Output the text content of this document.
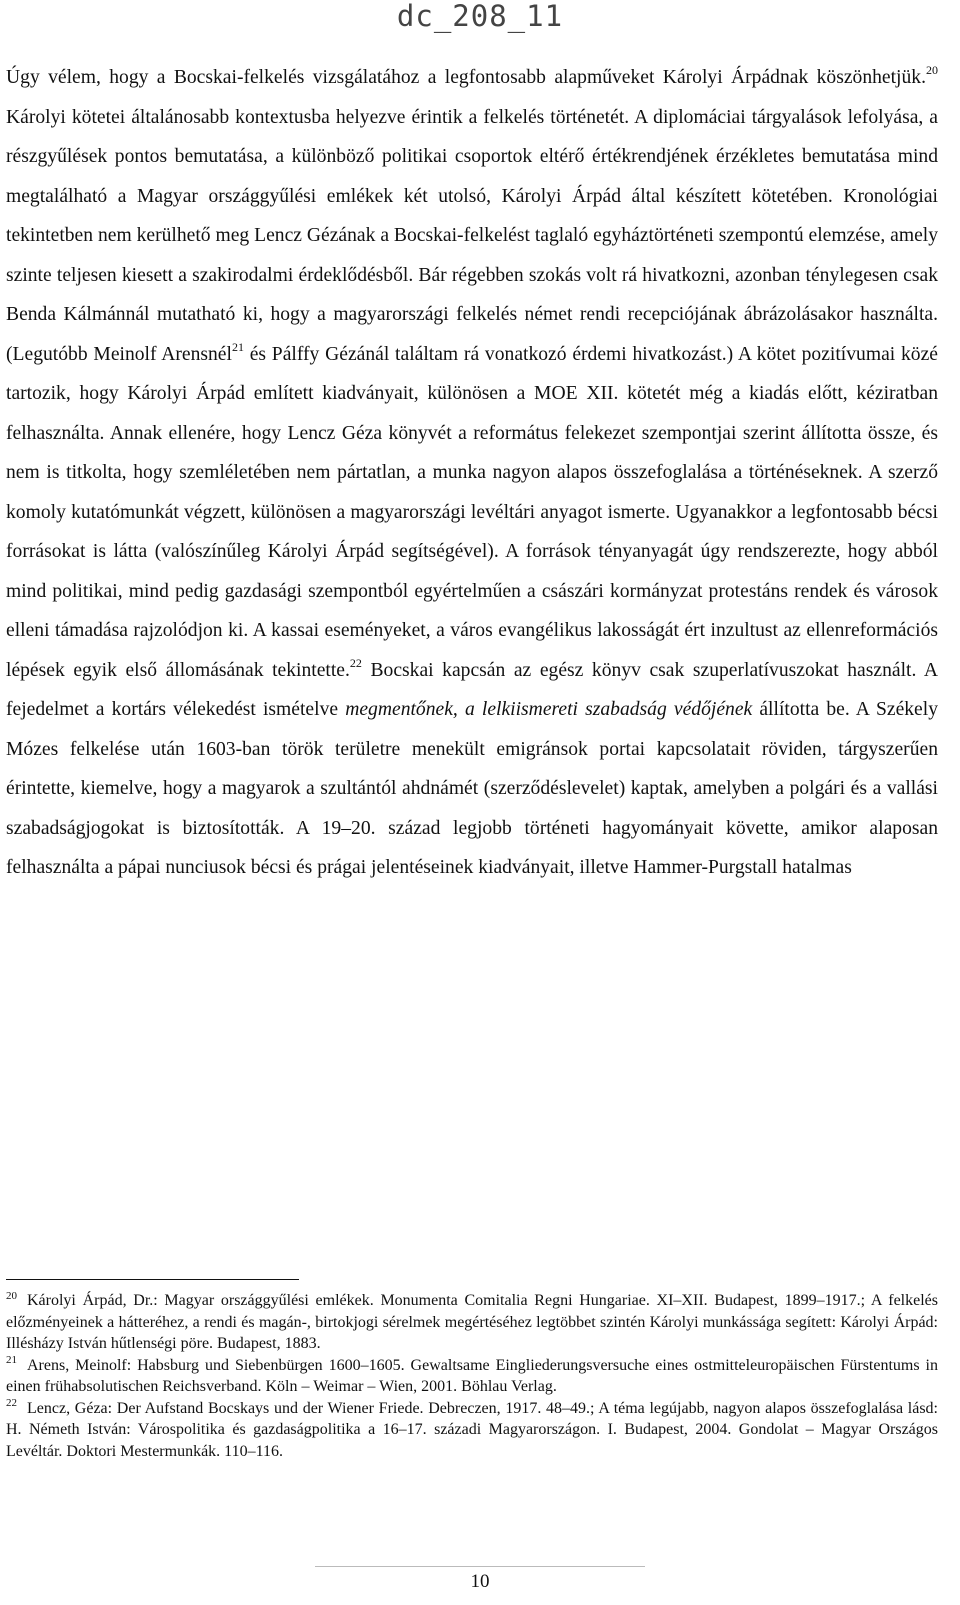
dc_208_11

Úgy vélem, hogy a Bocskai-felkelés vizsgálatához a legfontosabb alapműveket Károlyi Árpádnak köszönhetjük.$^{20}$ Károlyi kötetei általánosabb kontextusba helyezve érintik a felkelés történetét. A diplomáciai tárgyalások lefolyása, a részgyűlések pontos bemutatása, a különböző politikai csoportok eltérő értékrendjének érzékletes bemutatása mind megtalálható a Magyar országgyűlési emlékek két utolsó, Károlyi Árpád által készített kötetében. Kronológiai tekintetben nem kerülhető meg Lencz Gézának a Bocskai-felkelést taglaló egyháztörténeti szempontú elemzése, amely szinte teljesen kiesett a szakirodalmi érdeklődésből. Bár régebben szokás volt rá hivatkozni, azonban ténylegesen csak Benda Kálmánnál mutatható ki, hogy a magyarországi felkelés német rendi recepciójának ábrázolásakor használta. (Legutóbb Meinolf Arensnél$^{21}$ és Pálffy Gézánál találtam rá vonatkozó érdemi hivatkozást.) A kötet pozitívumai közé tartozik, hogy Károlyi Árpád említett kiadványait, különösen a MOE XII. kötetét még a kiadás előtt, kéziratban felhasználta. Annak ellenére, hogy Lencz Géza könyvét a református felekezet szempontjai szerint állította össze, és nem is titkolta, hogy szemléletében nem pártatlan, a munka nagyon alapos összefoglalása a történéseknek. A szerző komoly kutatómunkát végzett, különösen a magyarországi levéltári anyagot ismerte. Ugyanakkor a legfontosabb bécsi forrásokat is látta (valószínűleg Károlyi Árpád segítségével). A források tényanyagát úgy rendszerezte, hogy abból mind politikai, mind pedig gazdasági szempontból egyértelműen a császári kormányzat protestáns rendek és városok elleni támadása rajzolódjon ki. A kassai eseményeket, a város evangélikus lakosságát ért inzultust az ellenreformációs lépések egyik első állomásának tekintette.$^{22}$ Bocskai kapcsán az egész könyv csak szuperlatívuszokat használt. A fejedelmet a kortárs vélekedést ismételve megmentőnek, a lelkiismereti szabadság védőjének állította be. A Székely Mózes felkelése után 1603-ban török területre menekült emigránsok portai kapcsolatait röviden, tárgyszerűen érintette, kiemelve, hogy a magyarok a szultántól ahdnámét (szerződéslevelet) kaptak, amelyben a polgári és a vallási szabadságjogokat is biztosították. A 19–20. század legjobb történeti hagyományait követte, amikor alaposan felhasználta a pápai nunciusok bécsi és prágai jelentéseinek kiadványait, illetve Hammer-Purgstall hatalmas

$^{20}$ Károlyi Árpád, Dr.: Magyar országgyűlési emlékek. Monumenta Comitalia Regni Hungariae. XI–XII. Budapest, 1899–1917.; A felkelés előzményeinek a hátteréhez, a rendi és magán-, birtokjogi sérelmek megértéséhez legtöbbet szintén Károlyi munkássága segített: Károlyi Árpád: Illésházy István hűtlenségi pöre. Budapest, 1883.

$^{21}$ Arens, Meinolf: Habsburg und Siebenbürgen 1600–1605. Gewaltsame Eingliederungsversuche eines ostmitteleuropäischen Fürstentums in einen frühabsolutischen Reichsverband. Köln – Weimar – Wien, 2001. Böhlau Verlag.

$^{22}$ Lencz, Géza: Der Aufstand Bocskays und der Wiener Friede. Debreczen, 1917. 48–49.; A téma legújabb, nagyon alapos összefoglalása lásd: H. Németh István: Várospolitika és gazdaságpolitika a 16–17. századi Magyarországon. I. Budapest, 2004. Gondolat – Magyar Országos Levéltár. Doktori Mestermunkák. 110–116.

10
